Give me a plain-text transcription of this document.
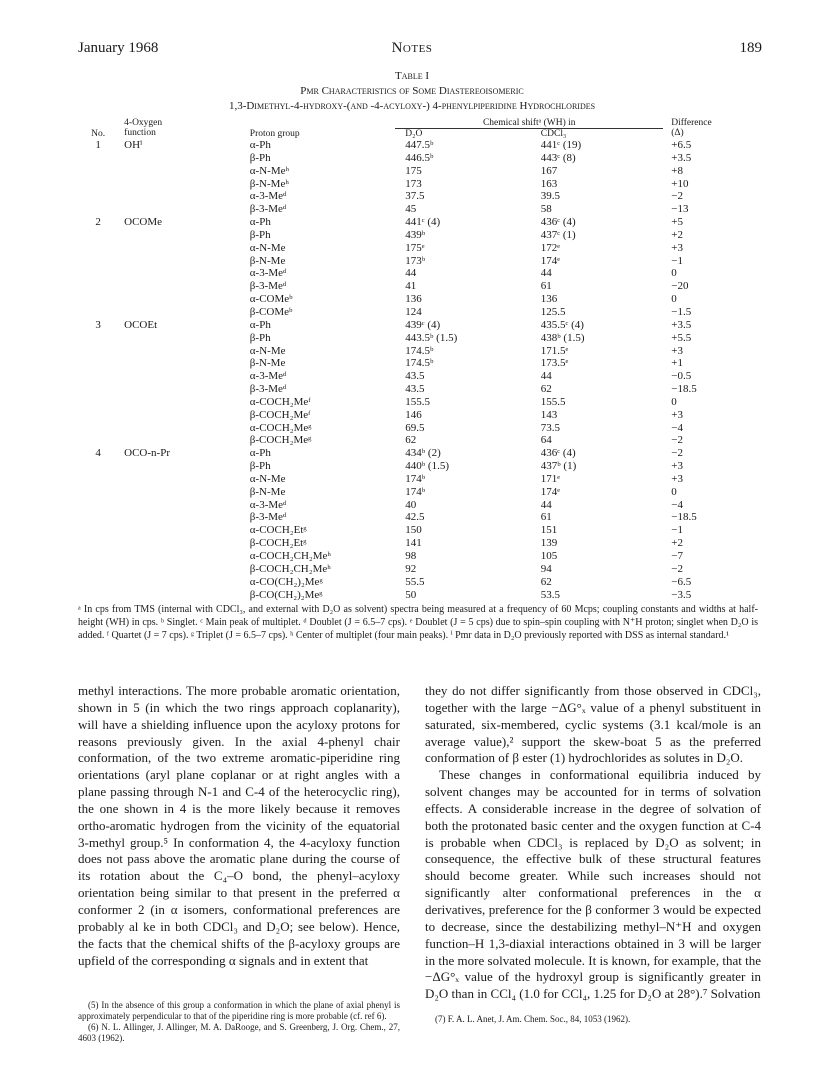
January 1968	Notes	189
Table I
Pmr Characteristics of Some Diastereoisomeric
1,3-Dimethyl-4-hydroxy-(and -4-acyloxy-) 4-phenylpiperidine Hydrochlorides
No.	4-Oxygen
function	Proton group	Chemical shiftᵃ (WH) in		Difference
(Δ)
			D₂O	CDCl₃	
1	OHⁱ	α-Ph	447.5ᵇ	441ᶜ (19)	+6.5
		β-Ph	446.5ᵇ	443ᶜ (8)	+3.5
		α-N-Meʰ	175	167	+8
		β-N-Meʰ	173	163	+10
		α-3-Meᵈ	37.5	39.5	−2
		β-3-Meᵈ	45	58	−13
2	OCOMe	α-Ph	441ᶜ (4)	436ᶜ (4)	+5
		β-Ph	439ᵇ	437ᶜ (1)	+2
		α-N-Me	175ᵉ	172ᵉ	+3
		β-N-Me	173ᵇ	174ᵉ	−1
		α-3-Meᵈ	44	44	0
		β-3-Meᵈ	41	61	−20
		α-COMeᵇ	136	136	0
		β-COMeᵇ	124	125.5	−1.5
3	OCOEt	α-Ph	439ᶜ (4)	435.5ᶜ (4)	+3.5
		β-Ph	443.5ᵇ (1.5)	438ᵇ (1.5)	+5.5
		α-N-Me	174.5ᵇ	171.5ᵉ	+3
		β-N-Me	174.5ᵇ	173.5ᵉ	+1
		α-3-Meᵈ	43.5	44	−0.5
		β-3-Meᵈ	43.5	62	−18.5
		α-COCH₂Meᶠ	155.5	155.5	0
		β-COCH₂Meᶠ	146	143	+3
		α-COCH₂Meᵍ	69.5	73.5	−4
		β-COCH₂Meᵍ	62	64	−2
4	OCO-n-Pr	α-Ph	434ᵇ (2)	436ᶜ (4)	−2
		β-Ph	440ᵇ (1.5)	437ᵇ (1)	+3
		α-N-Me	174ᵇ	171ᵉ	+3
		β-N-Me	174ᵇ	174ᵉ	0
		α-3-Meᵈ	40	44	−4
		β-3-Meᵈ	42.5	61	−18.5
		α-COCH₂Etᵍ	150	151	−1
		β-COCH₂Etᵍ	141	139	+2
		α-COCH₂CH₂Meʰ	98	105	−7
		β-COCH₂CH₂Meʰ	92	94	−2
		α-CO(CH₂)₂Meᵍ	55.5	62	−6.5
		β-CO(CH₂)₂Meᵍ	50	53.5	−3.5
ᵃ In cps from TMS (internal with CDCl₃, and external with D₂O as solvent) spectra being measured at a frequency of 60 Mcps; coupling constants and widths at half-height (WH) in cps. ᵇ Singlet. ᶜ Main peak of multiplet. ᵈ Doublet (J = 6.5–7 cps). ᵉ Doublet (J = 5 cps) due to spin–spin coupling with N⁺H proton; singlet when D₂O is added. ᶠ Quartet (J = 7 cps). ᵍ Triplet (J = 6.5–7 cps). ʰ Center of multiplet (four main peaks). ⁱ Pmr data in D₂O previously reported with DSS as internal standard.¹

methyl interactions. The more probable aromatic orientation, shown in 5 (in which the two rings approach coplanarity), will have a shielding influence upon the acyloxy protons for reasons previously given. In the axial 4-phenyl chair conformation, of the two extreme aromatic-piperidine ring orientations (aryl plane coplanar or at right angles with a plane passing through N-1 and C-4 of the heterocyclic ring), the one shown in 4 is the more likely because it removes ortho-aromatic hydrogen from the vicinity of the equatorial 3-methyl group.⁵ In conformation 4, the 4-acyloxy function does not pass above the aromatic plane during the course of its rotation about the C₄–O bond, the phenyl–acyloxy orientation being similar to that present in the preferred α conformer 2 (in α isomers, conformational preferences are probably al ke in both CDCl₃ and D₂O; see below). Hence, the facts that the chemical shifts of the β-acyloxy groups are upfield of the corresponding α signals and in extent that

they do not differ significantly from those observed in CDCl₃, together with the large −ΔG°ₓ value of a phenyl substituent in saturated, six-membered, cyclic systems (3.1 kcal/mole is an average value),² support the skew-boat 5 as the preferred conformation of β ester (1) hydrochlorides as solutes in D₂O.

These changes in conformational equilibria induced by solvent changes may be accounted for in terms of solvation effects. A considerable increase in the degree of solvation of both the protonated basic center and the oxygen function at C-4 is probable when CDCl₃ is replaced by D₂O as solvent; in consequence, the effective bulk of these structural features should become greater. While such increases should not significantly alter conformational preferences in the α derivatives, preference for the β conformer 3 would be expected to decrease, since the destabilizing methyl–N⁺H and oxygen function–H 1,3-diaxial interactions obtained in 3 will be larger in the more solvated molecule. It is known, for example, that the −ΔG°ₓ value of the hydroxyl group is significantly greater in D₂O than in CCl₄ (1.0 for CCl₄, 1.25 for D₂O at 28°).⁷ Solvation

(5) In the absence of this group a conformation in which the plane of axial phenyl is approximately perpendicular to that of the piperidine ring is more probable (cf. ref 6).

(6) N. L. Allinger, J. Allinger, M. A. DaRooge, and S. Greenberg, J. Org. Chem., 27, 4603 (1962).

(7) F. A. L. Anet, J. Am. Chem. Soc., 84, 1053 (1962).
